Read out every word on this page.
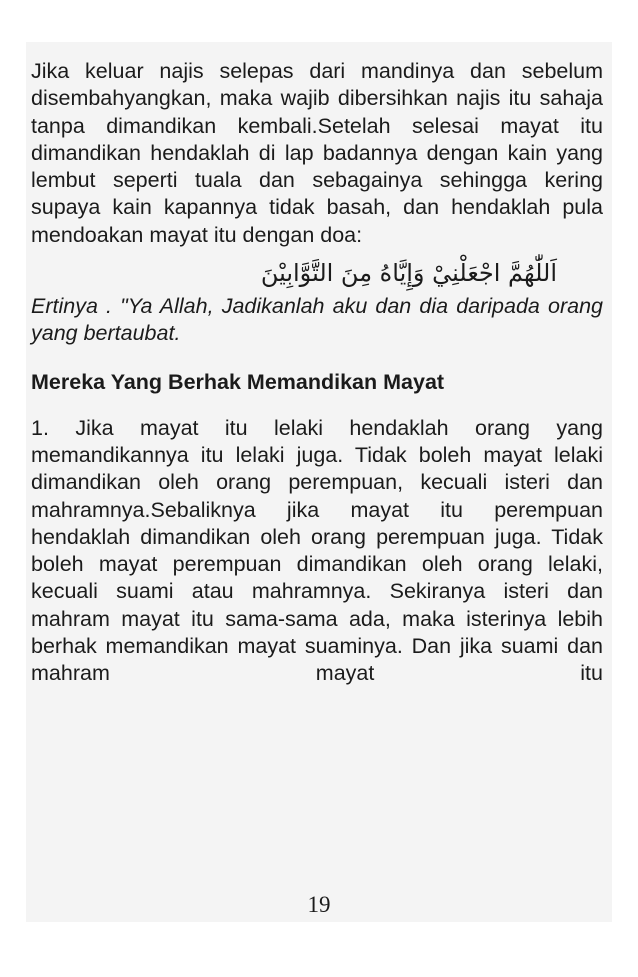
Jika keluar najis selepas dari mandinya dan sebelum disembahyangkan, maka wajib dibersihkan najis itu sahaja tanpa dimandikan kembali.Setelah selesai mayat itu dimandikan hendaklah di lap badannya dengan kain yang lembut seperti tuala dan sebagainya sehingga kering supaya kain kapannya tidak basah, dan hendaklah pula mendoakan mayat itu dengan doa:

اَللّٰهُمَّ اجْعَلْنِيْ وَإِيَّاهُ مِنَ التَّوَّابِيْنَ

Ertinya . "Ya Allah, Jadikanlah aku dan dia daripada orang yang bertaubat.

Mereka Yang Berhak Memandikan Mayat

1. Jika mayat itu lelaki hendaklah orang yang memandikannya itu lelaki juga. Tidak boleh mayat lelaki dimandikan oleh orang perempuan, kecuali isteri dan mahramnya.Sebaliknya jika mayat itu perempuan hendaklah dimandikan oleh orang perempuan juga. Tidak boleh mayat perempuan dimandikan oleh orang lelaki, kecuali suami atau mahramnya. Sekiranya isteri dan mahram mayat itu sama-sama ada, maka isterinya lebih berhak memandikan mayat suaminya. Dan jika suami dan mahram mayat itu

19
